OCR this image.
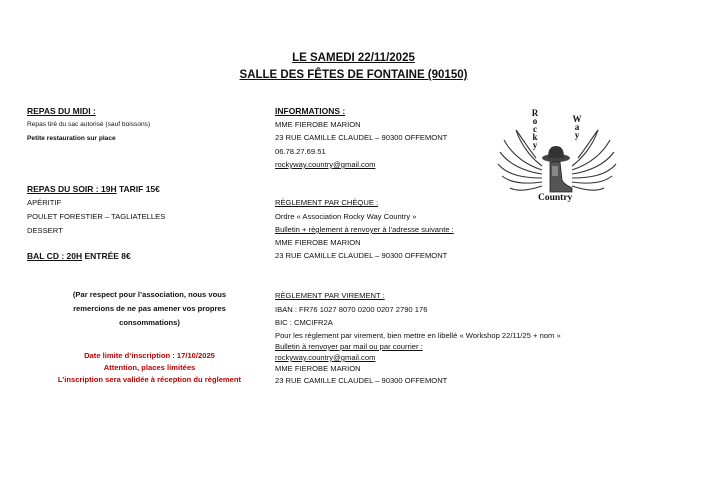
LE SAMEDI 22/11/2025
SALLE DES FÊTES DE FONTAINE (90150)
REPAS DU MIDI :
Repas tiré du sac autorisé (sauf boissons)
Petite restauration sur place
REPAS DU SOIR : 19H TARIF 15€
APÉRITIF
POULET FORESTIER – TAGLIATELLES
DESSERT
BAL CD : 20H ENTRÉE 8€
(Par respect pour l’association, nous vous
remercions de ne pas amener vos propres
consommations)
Date limite d’inscription : 17/10/2025
Attention, places limitées
L’inscription sera validée à réception du règlement
INFORMATIONS :
MME FIEROBE MARION
23 RUE CAMILLE CLAUDEL – 90300 OFFEMONT
06.78.27.69.51
rockyway.country@gmail.com
RÈGLEMENT PAR CHÈQUE :
Ordre « Association Rocky Way Country »
Bulletin + règlement à renvoyer à l’adresse suivante :
MME FIEROBE MARION
23 RUE CAMILLE CLAUDEL – 90300 OFFEMONT
RÈGLEMENT PAR VIREMENT :
IBAN : FR76 1027 8070 0200 0207 2790 176
BIC : CMCIFR2A
Pour les règlement par virement, bien mettre en libellé « Workshop 22/11/25 + nom »
Bulletin à renvoyer par mail ou par courrier :
rockyway.country@gmail.com
MME FIEROBE MARION
23 RUE CAMILLE CLAUDEL – 90300 OFFEMONT
Rocky	Way
Country
